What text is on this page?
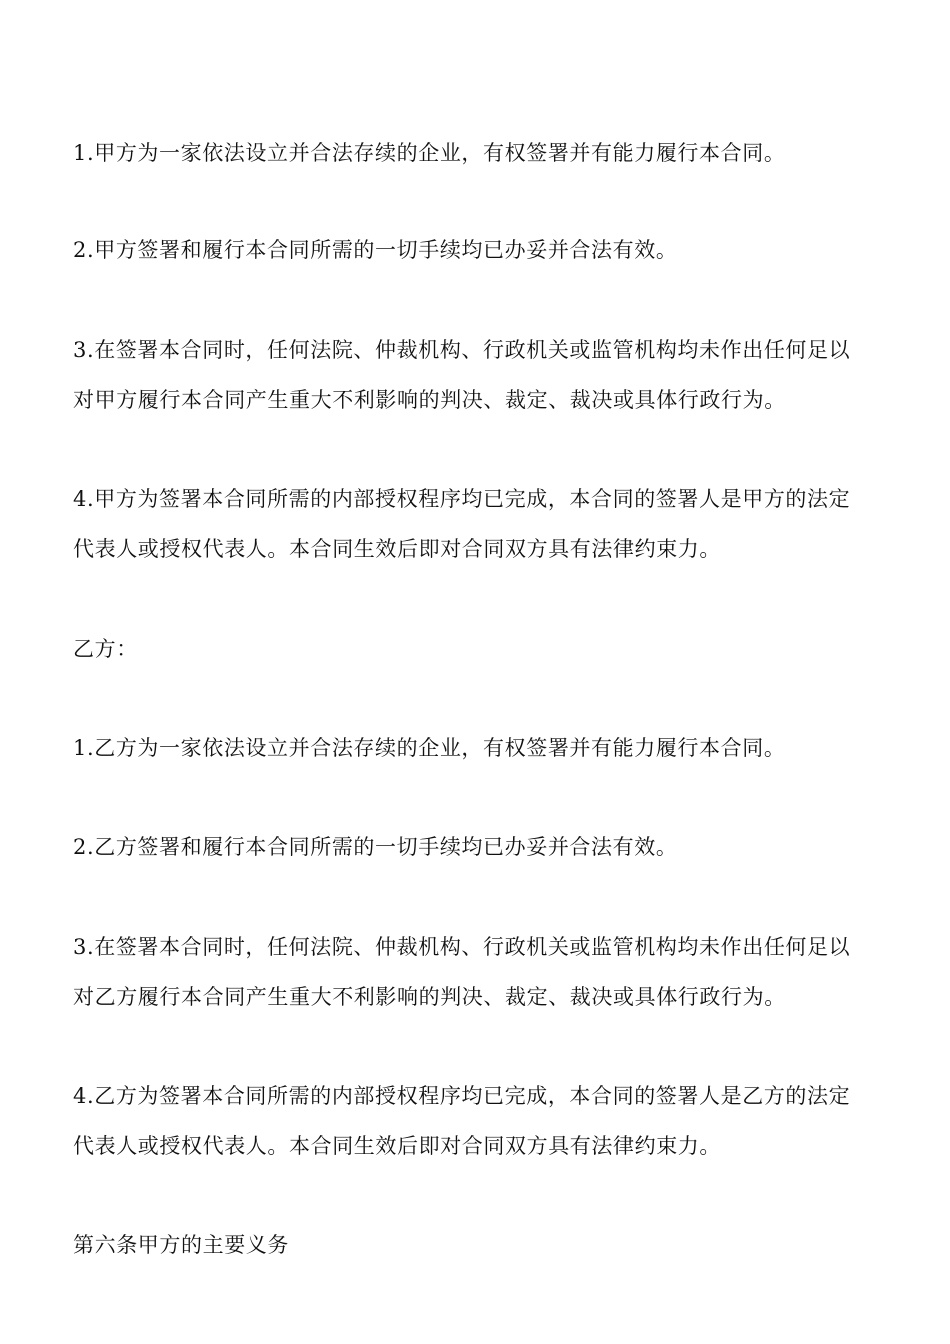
1.甲方为一家依法设立并合法存续的企业，有权签署并有能力履行本合同。
2.甲方签署和履行本合同所需的一切手续均已办妥并合法有效。
3.在签署本合同时，任何法院、仲裁机构、行政机关或监管机构均未作出任何足以
对甲方履行本合同产生重大不利影响的判决、裁定、裁决或具体行政行为。
4.甲方为签署本合同所需的内部授权程序均已完成，本合同的签署人是甲方的法定
代表人或授权代表人。本合同生效后即对合同双方具有法律约束力。
乙方：
1.乙方为一家依法设立并合法存续的企业，有权签署并有能力履行本合同。
2.乙方签署和履行本合同所需的一切手续均已办妥并合法有效。
3.在签署本合同时，任何法院、仲裁机构、行政机关或监管机构均未作出任何足以
对乙方履行本合同产生重大不利影响的判决、裁定、裁决或具体行政行为。
4.乙方为签署本合同所需的内部授权程序均已完成，本合同的签署人是乙方的法定
代表人或授权代表人。本合同生效后即对合同双方具有法律约束力。
第六条甲方的主要义务
